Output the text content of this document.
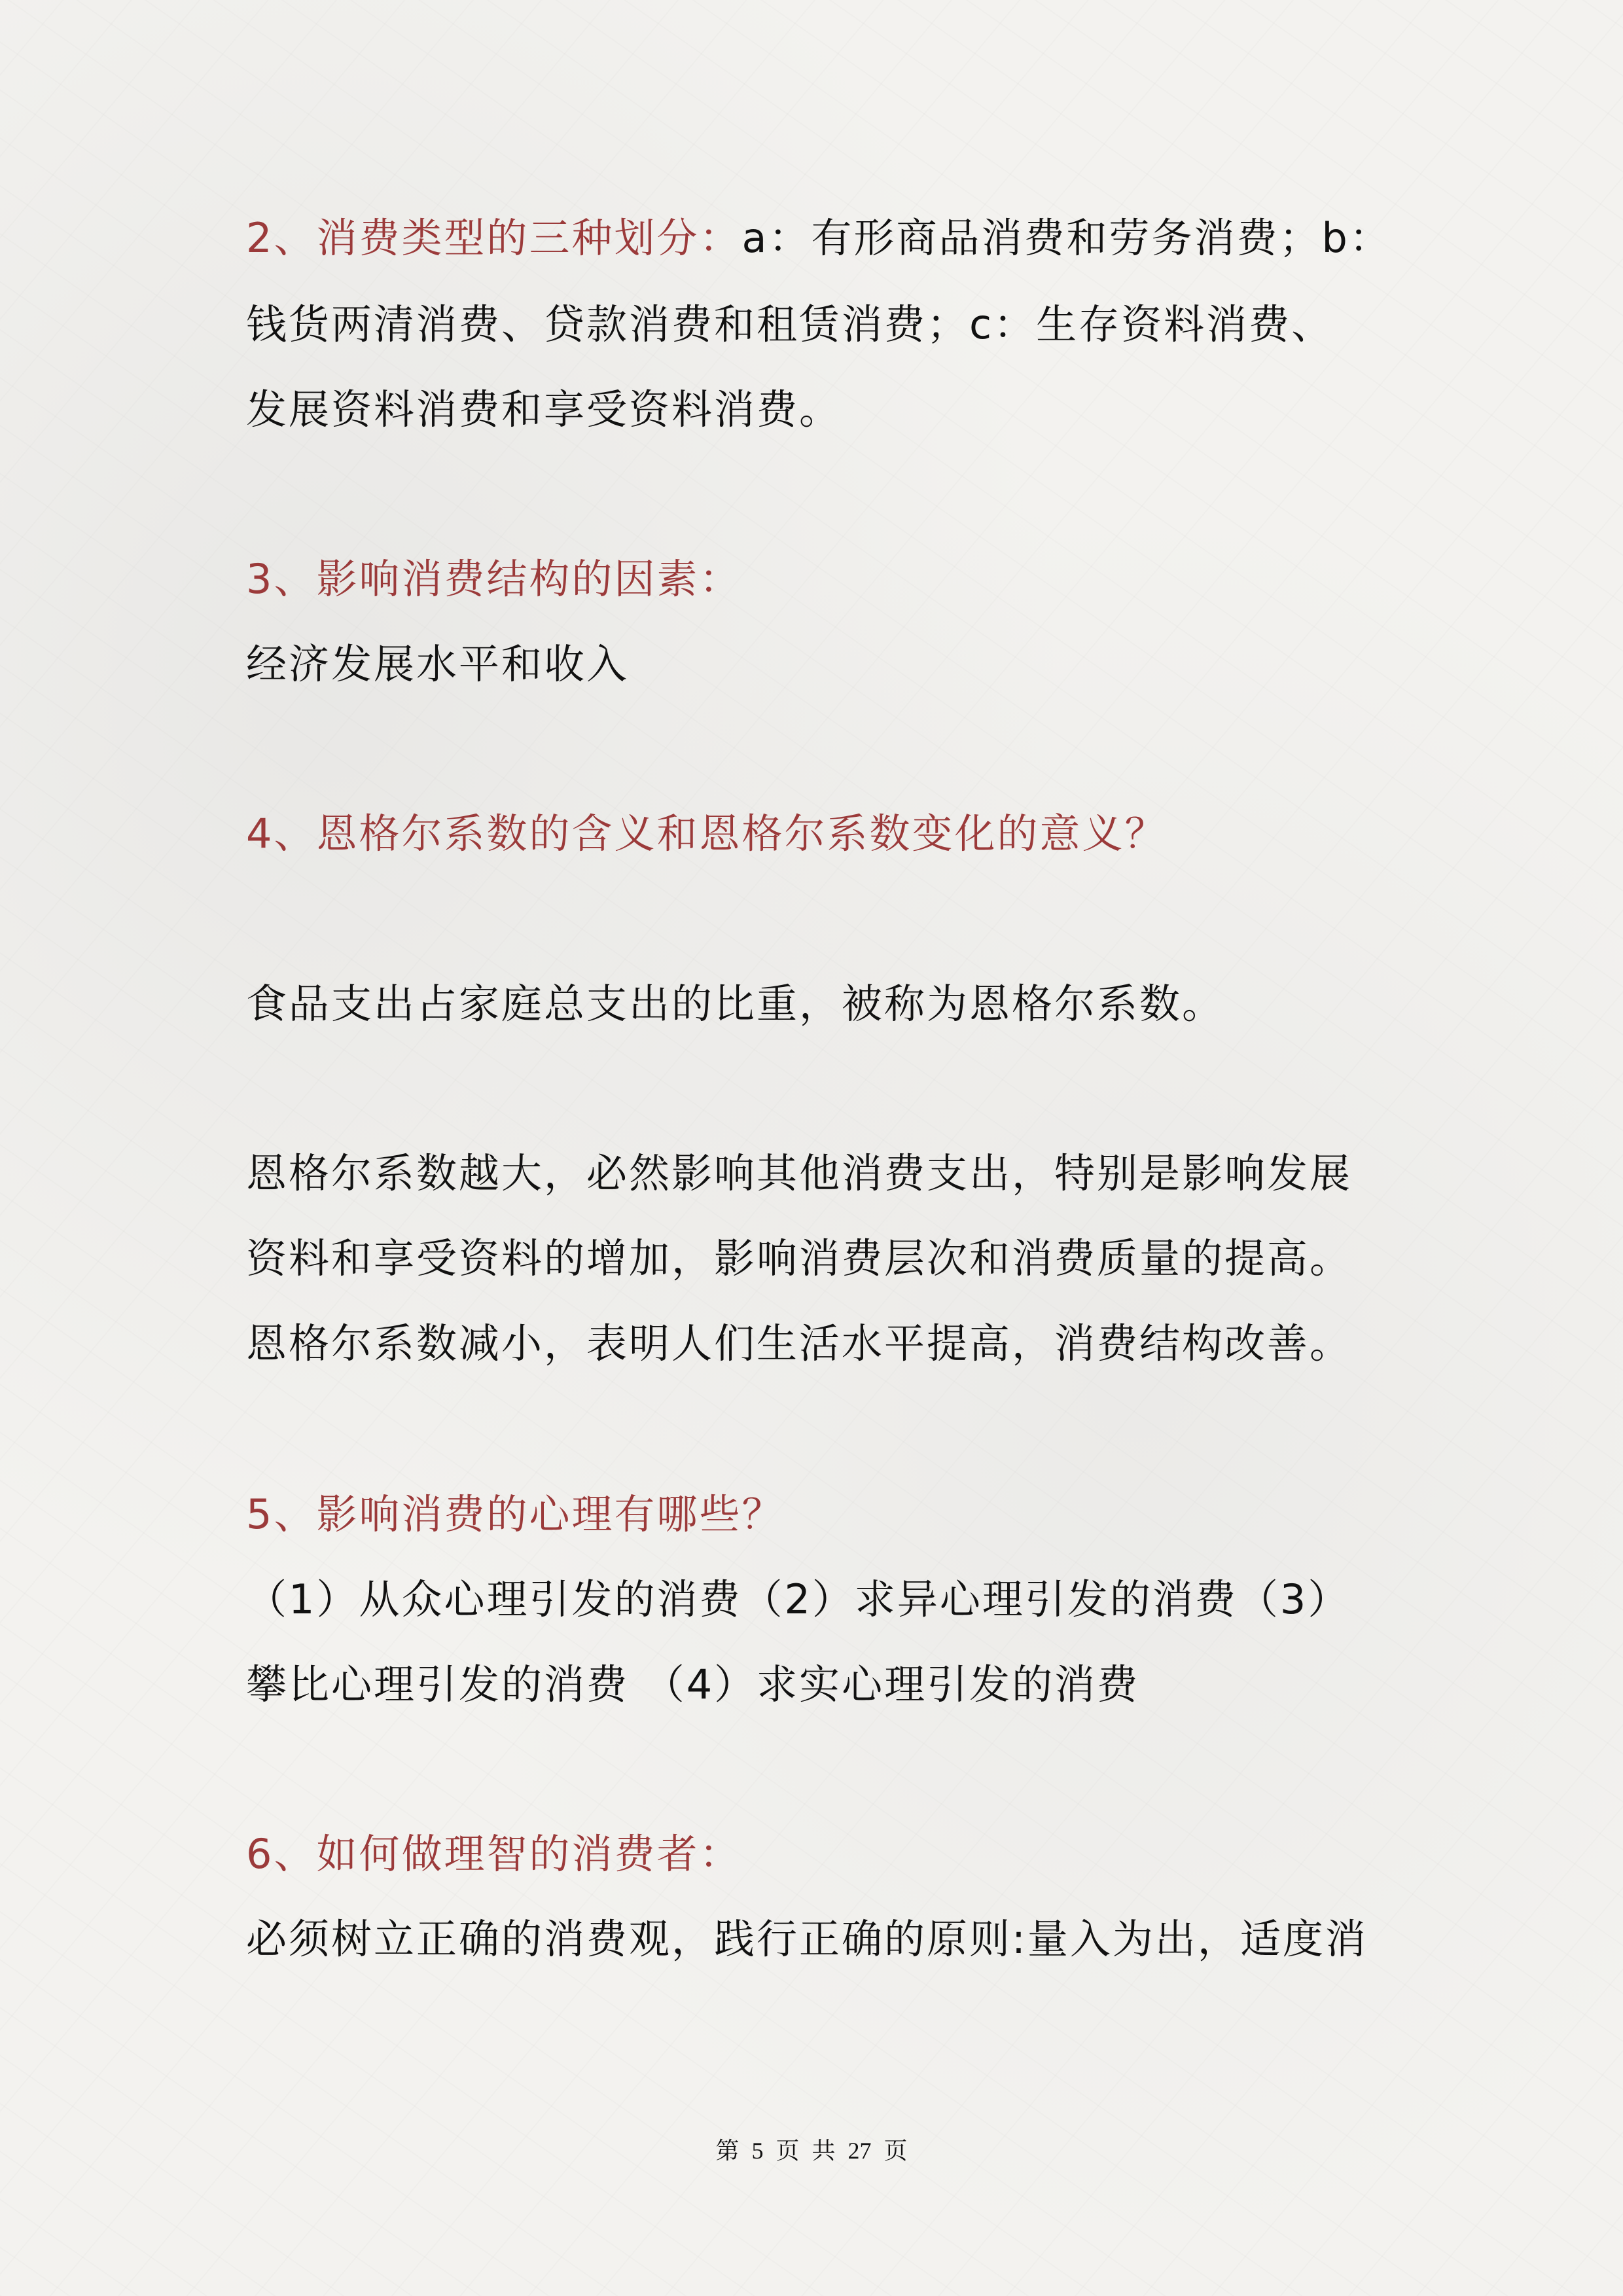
2、消费类型的三种划分：a：有形商品消费和劳务消费；b：
钱货两清消费、贷款消费和租赁消费；c：生存资料消费、
发展资料消费和享受资料消费。
3、影响消费结构的因素：
经济发展水平和收入
4、恩格尔系数的含义和恩格尔系数变化的意义？
食品支出占家庭总支出的比重，被称为恩格尔系数。
恩格尔系数越大，必然影响其他消费支出，特别是影响发展
资料和享受资料的增加，影响消费层次和消费质量的提高。
恩格尔系数减小，表明人们生活水平提高，消费结构改善。
5、影响消费的心理有哪些？
（1）从众心理引发的消费（2）求异心理引发的消费（3）
攀比心理引发的消费 （4）求实心理引发的消费
6、如何做理智的消费者：
必须树立正确的消费观，践行正确的原则:量入为出，适度消
第 5 页 共 27 页
